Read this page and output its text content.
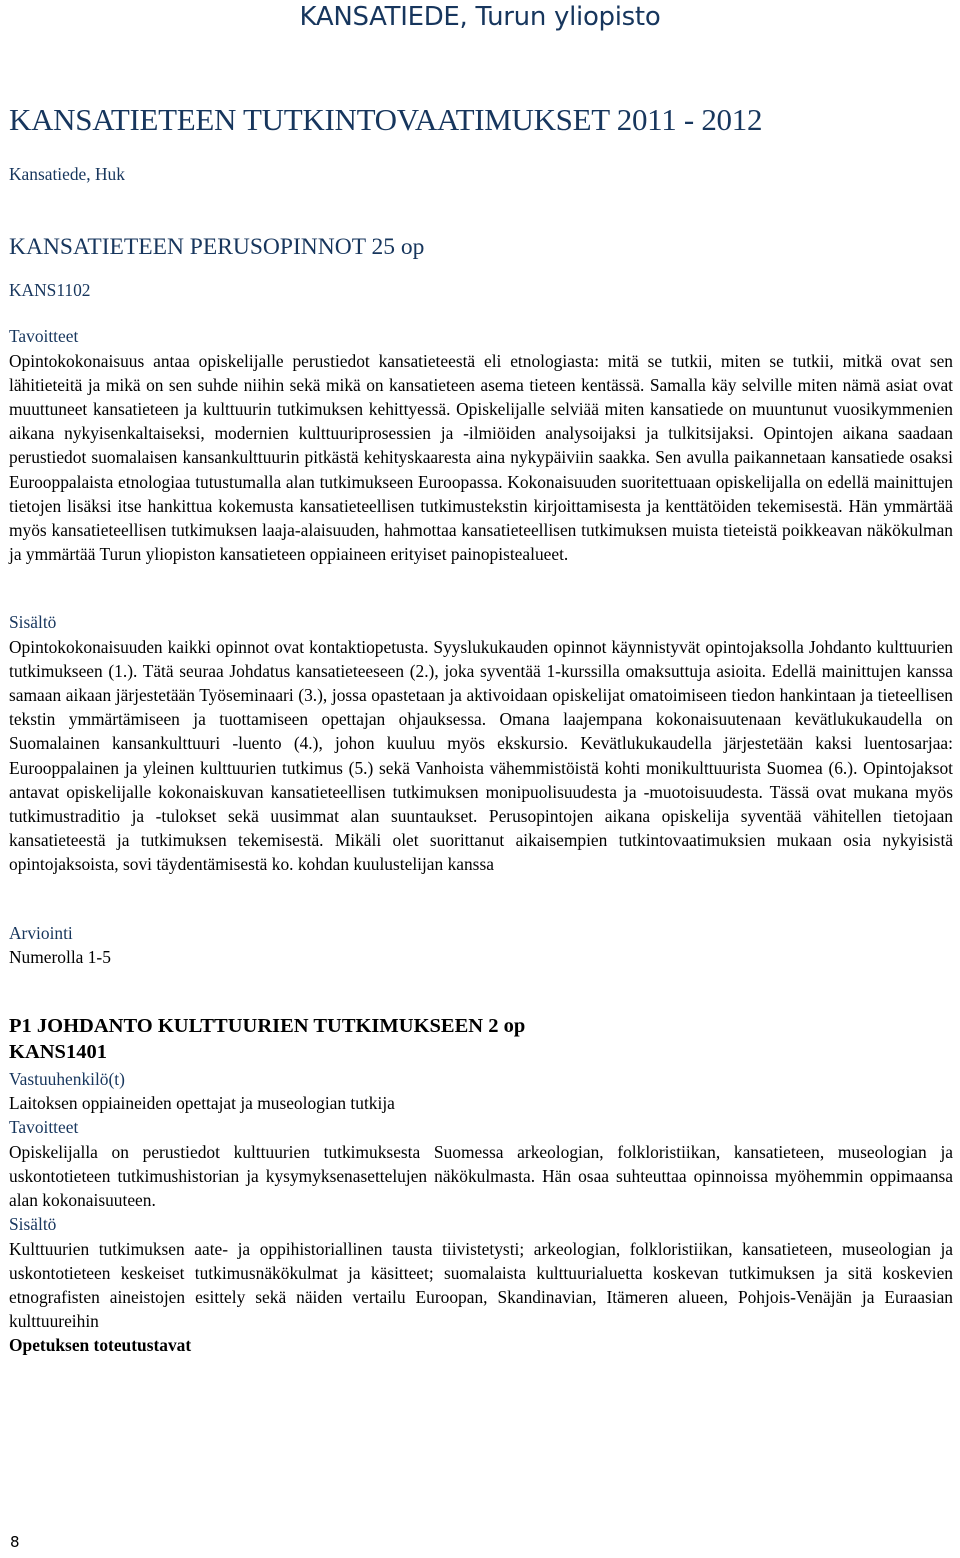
KANSATIEDE, Turun yliopisto
KANSATIETEEN TUTKINTOVAATIMUKSET 2011 - 2012
Kansatiede, Huk
KANSATIETEEN PERUSOPINNOT 25 op
KANS1102
Tavoitteet

Opintokokonaisuus antaa opiskelijalle perustiedot kansatieteestä eli etnologiasta: mitä se tutkii, miten se tutkii, mitkä ovat sen lähitieteitä ja mikä on sen suhde niihin sekä mikä on kansatieteen asema tieteen kentässä. Samalla käy selville miten nämä asiat ovat muuttuneet kansatieteen ja kulttuurin tutkimuksen kehittyessä. Opiskelijalle selviää miten kansatiede on muuntunut vuosikymmenien aikana nykyisenkaltaiseksi, modernien kulttuuriprosessien ja -ilmiöiden analysoijaksi ja tulkitsijaksi. Opintojen aikana saadaan perustiedot suomalaisen kansankulttuurin pitkästä kehityskaaresta aina nykypäiviin saakka. Sen avulla paikannetaan kansatiede osaksi Eurooppalaista etnologiaa tutustumalla alan tutkimukseen Euroopassa. Kokonaisuuden suoritettuaan opiskelijalla on edellä mainittujen tietojen lisäksi itse hankittua kokemusta kansatieteellisen tutkimustekstin kirjoittamisesta ja kenttätöiden tekemisestä. Hän ymmärtää myös kansatieteellisen tutkimuksen laaja-alaisuuden, hahmottaa kansatieteellisen tutkimuksen muista tieteistä poikkeavan näkökulman ja ymmärtää Turun yliopiston kansatieteen oppiaineen erityiset painopistealueet.

Sisältö

Opintokokonaisuuden kaikki opinnot ovat kontaktiopetusta. Syyslukukauden opinnot käynnistyvät opintojaksolla Johdanto kulttuurien tutkimukseen (1.). Tätä seuraa Johdatus kansatieteeseen (2.), joka syventää 1-kurssilla omaksuttuja asioita. Edellä mainittujen kanssa samaan aikaan järjestetään Työseminaari (3.), jossa opastetaan ja aktivoidaan opiskelijat omatoimiseen tiedon hankintaan ja tieteellisen tekstin ymmärtämiseen ja tuottamiseen opettajan ohjauksessa. Omana laajempana kokonaisuutenaan kevätlukukaudella on Suomalainen kansankulttuuri -luento (4.), johon kuuluu myös ekskursio. Kevätlukukaudella järjestetään kaksi luentosarjaa: Eurooppalainen ja yleinen kulttuurien tutkimus (5.) sekä Vanhoista vähemmistöistä kohti monikulttuurista Suomea (6.). Opintojaksot antavat opiskelijalle kokonaiskuvan kansatieteellisen tutkimuksen monipuolisuudesta ja -muotoisuudesta. Tässä ovat mukana myös tutkimustraditio ja -tulokset sekä uusimmat alan suuntaukset. Perusopintojen aikana opiskelija syventää vähitellen tietojaan kansatieteestä ja tutkimuksen tekemisestä. Mikäli olet suorittanut aikaisempien tutkintovaatimuksien mukaan osia nykyisistä opintojaksoista, sovi täydentämisestä ko. kohdan kuulustelijan kanssa

Arviointi

Numerolla 1-5

P1 JOHDANTO KULTTUURIEN TUTKIMUKSEEN 2 op
KANS1401
Vastuuhenkilö(t)

Laitoksen oppiaineiden opettajat ja museologian tutkija

Tavoitteet

Opiskelijalla on perustiedot kulttuurien tutkimuksesta Suomessa arkeologian, folkloristiikan, kansatieteen, museologian ja uskontotieteen tutkimushistorian ja kysymyksenasettelujen näkökulmasta. Hän osaa suhteuttaa opinnoissa myöhemmin oppimaansa alan kokonaisuuteen.

Sisältö

Kulttuurien tutkimuksen aate- ja oppihistoriallinen tausta tiivistetysti; arkeologian, folkloristiikan, kansatieteen, museologian ja uskontotieteen keskeiset tutkimusnäkökulmat ja käsitteet; suomalaista kulttuurialuetta koskevan tutkimuksen ja sitä koskevien etnografisten aineistojen esittely sekä näiden vertailu Euroopan, Skandinavian, Itämeren alueen, Pohjois-Venäjän ja Euraasian kulttuureihin

Opetuksen toteutustavat
8
